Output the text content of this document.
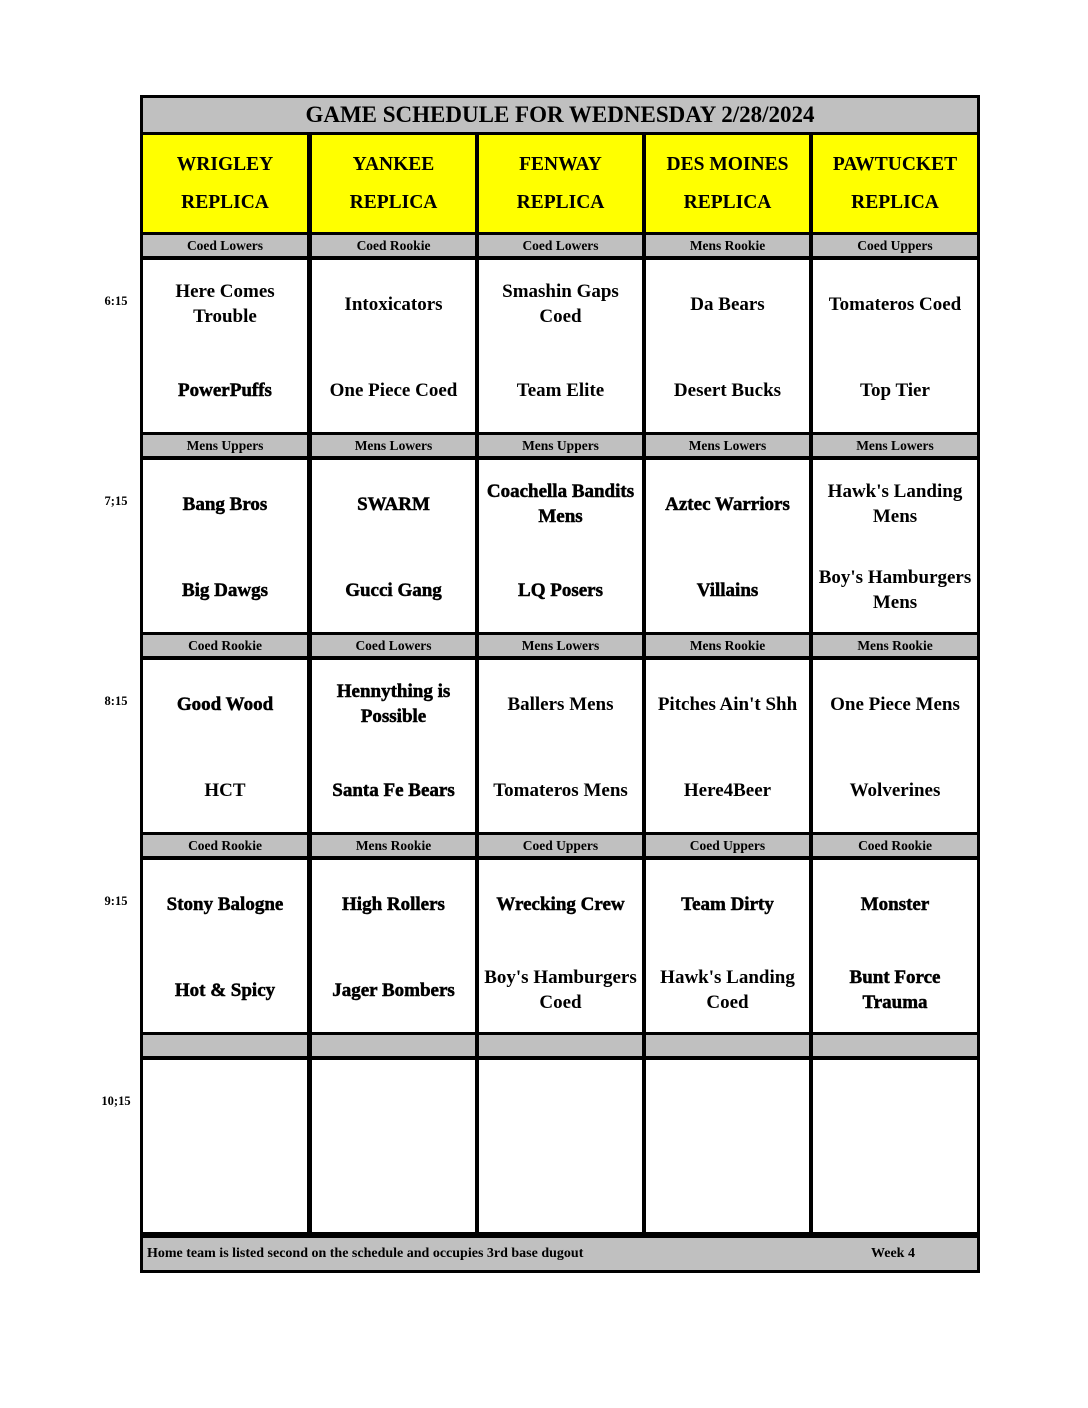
GAME SCHEDULE FOR WEDNESDAY 2/28/2024
WRIGLEY
REPLICA
YANKEE
REPLICA
FENWAY
REPLICA
DES MOINES
REPLICA
PAWTUCKET
REPLICA
Coed Lowers
Here Comes Trouble
PowerPuffs
Coed Rookie
Intoxicators
One Piece Coed
Coed Lowers
Smashin Gaps Coed
Team Elite
Mens Rookie
Da Bears
Desert Bucks
Coed Uppers
Tomateros Coed
Top Tier
Mens Uppers
Bang Bros
Big Dawgs
Mens Lowers
SWARM
Gucci Gang
Mens Uppers
Coachella Bandits Mens
LQ Posers
Mens Lowers
Aztec Warriors
Villains
Mens Lowers
Hawk's Landing Mens
Boy's Hamburgers Mens
Coed Rookie
Good Wood
HCT
Coed Lowers
Hennything is Possible
Santa Fe Bears
Mens Lowers
Ballers Mens
Tomateros Mens
Mens Rookie
Pitches Ain't Shh
Here4Beer
Mens Rookie
One Piece Mens
Wolverines
Coed Rookie
Stony Balogne
Hot & Spicy
Mens Rookie
High Rollers
Jager Bombers
Coed Uppers
Wrecking Crew
Boy's Hamburgers Coed
Coed Uppers
Team Dirty
Hawk's Landing Coed
Coed Rookie
Monster
Bunt Force Trauma
Home team is listed second on the schedule and occupies 3rd base dugout	Week 4
6:15
7;15
8:15
9:15
10;15
